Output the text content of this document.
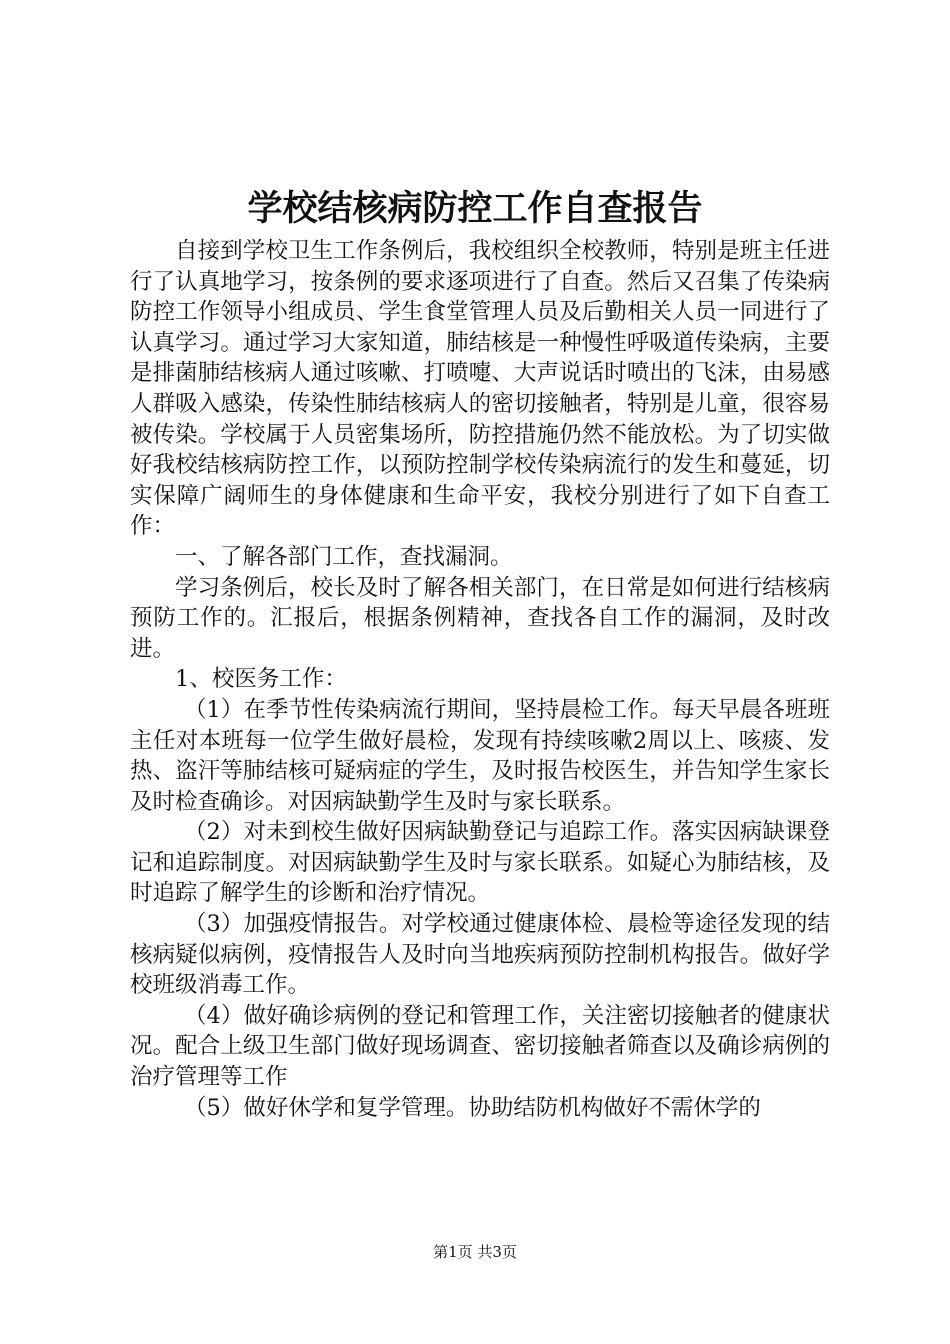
学校结核病防控工作自查报告

自接到学校卫生工作条例后，我校组织全校教师，特别是班主任进行了认真地学习，按条例的要求逐项进行了自查。然后又召集了传染病防控工作领导小组成员、学生食堂管理人员及后勤相关人员一同进行了认真学习。通过学习大家知道，肺结核是一种慢性呼吸道传染病，主要是排菌肺结核病人通过咳嗽、打喷嚏、大声说话时喷出的飞沫，由易感人群吸入感染，传染性肺结核病人的密切接触者，特别是儿童，很容易被传染。学校属于人员密集场所，防控措施仍然不能放松。为了切实做好我校结核病防控工作，以预防控制学校传染病流行的发生和蔓延，切实保障广阔师生的身体健康和生命平安，我校分别进行了如下自查工作：

一、了解各部门工作，查找漏洞。

学习条例后，校长及时了解各相关部门，在日常是如何进行结核病预防工作的。汇报后，根据条例精神，查找各自工作的漏洞，及时改进。

1、校医务工作：

（1）在季节性传染病流行期间，坚持晨检工作。每天早晨各班班主任对本班每一位学生做好晨检，发现有持续咳嗽2周以上、咳痰、发热、盗汗等肺结核可疑病症的学生，及时报告校医生，并告知学生家长及时检查确诊。对因病缺勤学生及时与家长联系。

（2）对未到校生做好因病缺勤登记与追踪工作。落实因病缺课登记和追踪制度。对因病缺勤学生及时与家长联系。如疑心为肺结核，及时追踪了解学生的诊断和治疗情况。

（3）加强疫情报告。对学校通过健康体检、晨检等途径发现的结核病疑似病例，疫情报告人及时向当地疾病预防控制机构报告。做好学校班级消毒工作。

（4）做好确诊病例的登记和管理工作，关注密切接触者的健康状况。配合上级卫生部门做好现场调查、密切接触者筛查以及确诊病例的治疗管理等工作

（5）做好休学和复学管理。协助结防机构做好不需休学的

第1页 共3页
